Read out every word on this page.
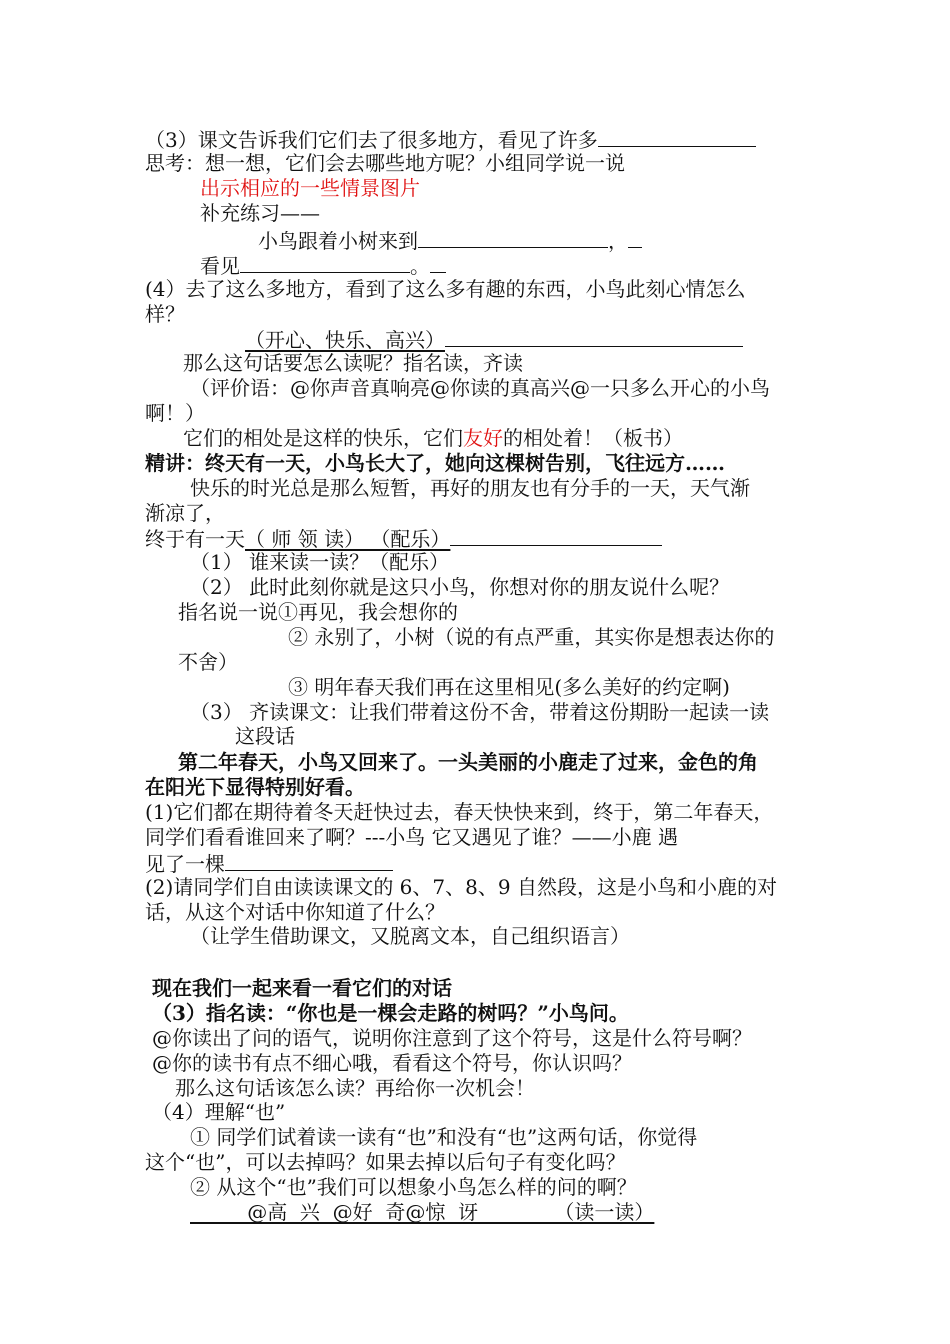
（3）课文告诉我们它们去了很多地方，看见了许多
思考：想一想，它们会去哪些地方呢？小组同学说一说
出示相应的一些情景图片
补充练习——
小鸟跟着小树来到	，
看见	。
(4）去了这么多地方，看到了这么多有趣的东西，小鸟此刻心情怎么
样？
（开心、快乐、高兴）
那么这句话要怎么读呢？指名读，齐读
（评价语：@你声音真响亮@你读的真高兴@一只多么开心的小鸟
啊！）
它们的相处是这样的快乐，它们友好的相处着！（板书）
精讲：终天有一天，小鸟长大了，她向这棵树告别，飞往远方……
快乐的时光总是那么短暂，再好的朋友也有分手的一天，天气渐
渐凉了，
终于有一天（ 师 领 读） （配乐）
（1） 谁来读一读？（配乐）
（2） 此时此刻你就是这只小鸟，你想对你的朋友说什么呢？
指名说一说①再见，我会想你的
② 永别了，小树（说的有点严重，其实你是想表达你的
不舍）
③ 明年春天我们再在这里相见(多么美好的约定啊)
（3） 齐读课文：让我们带着这份不舍，带着这份期盼一起读一读
这段话
第二年春天，小鸟又回来了。一头美丽的小鹿走了过来，金色的角
在阳光下显得特别好看。
(1)它们都在期待着冬天赶快过去，春天快快来到，终于，第二年春天，
同学们看看谁回来了啊？---小鸟 它又遇见了谁？——小鹿 遇
见了一棵
(2)请同学们自由读读课文的 6、7、8、9 自然段，这是小鸟和小鹿的对
话，从这个对话中你知道了什么？
（让学生借助课文，又脱离文本，自己组织语言）
现在我们一起来看一看它们的对话
（3）指名读：“你也是一棵会走路的树吗？”小鸟问。
@你读出了问的语气，说明你注意到了这个符号，这是什么符号啊？
@你的读书有点不细心哦，看看这个符号，你认识吗？
那么这句话该怎么读？再给你一次机会！
（4）理解“也”
① 同学们试着读一读有“也”和没有“也”这两句话，你觉得
这个“也”，可以去掉吗？如果去掉以后句子有变化吗？
② 从这个“也”我们可以想象小鸟怎么样的问的啊？
@高  兴  @好  奇@惊  讶            （读一读）
